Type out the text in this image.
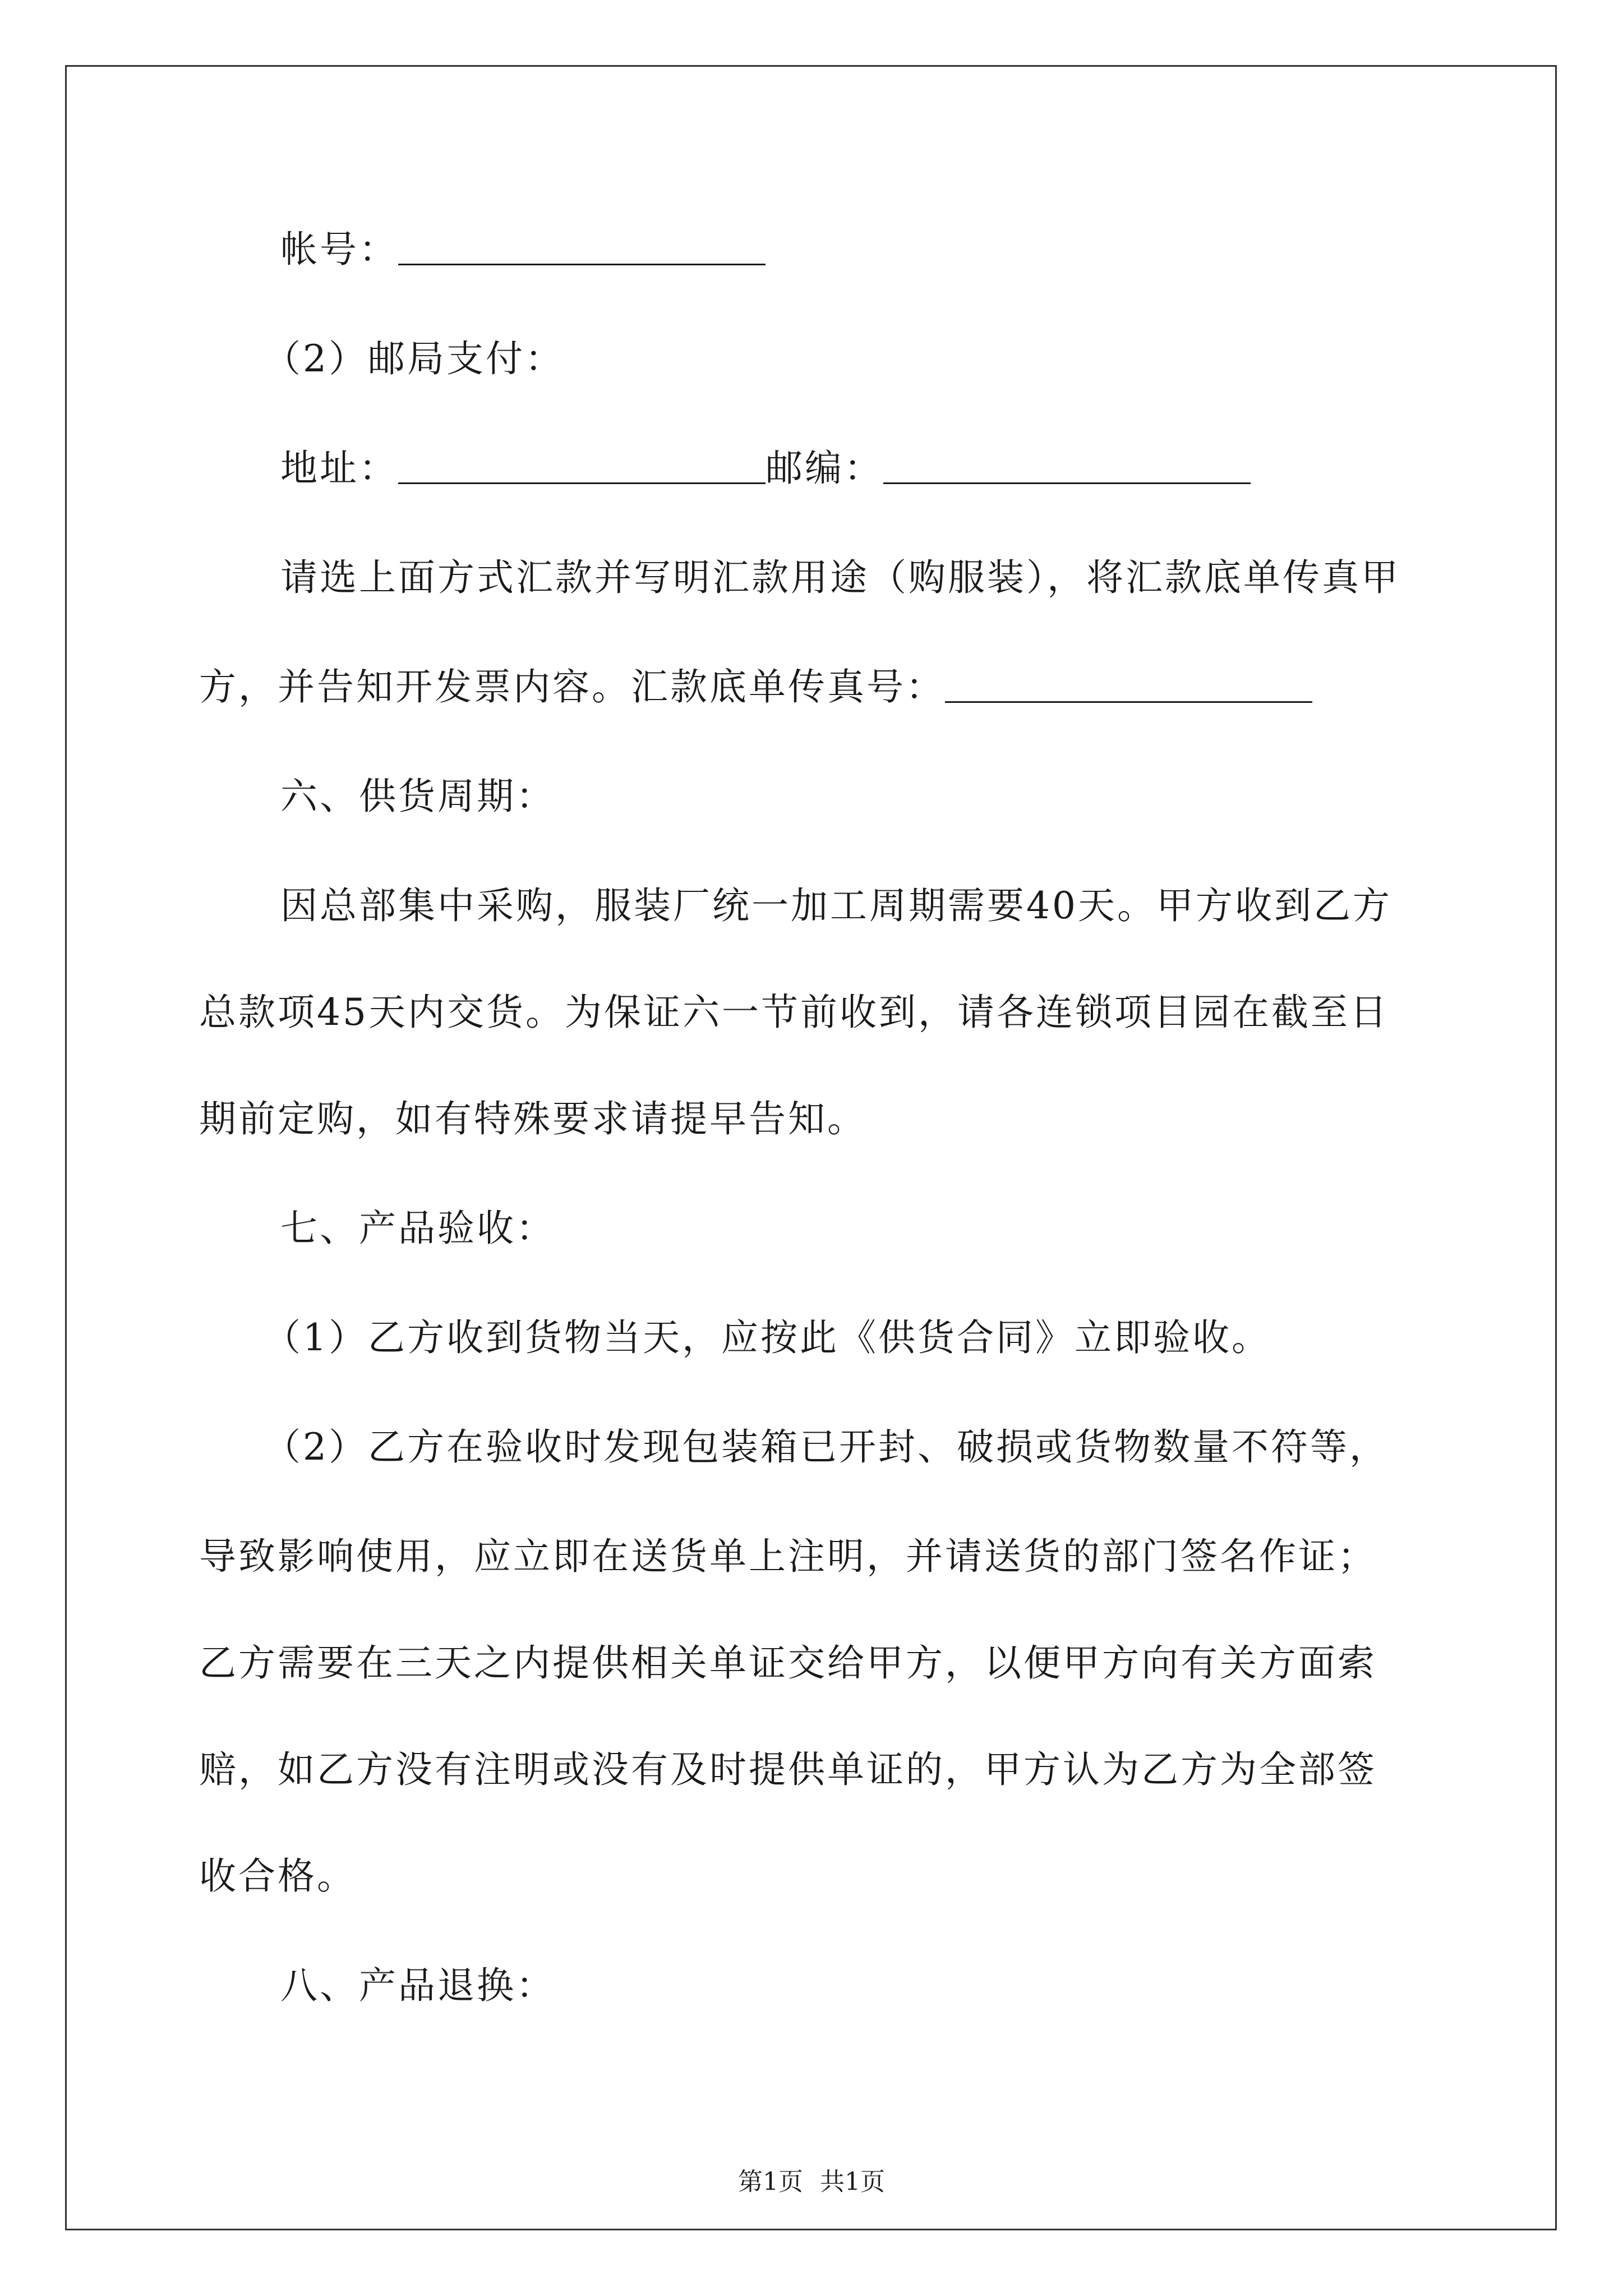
帐号：
（2）邮局支付：
地址：	邮编：
请选上面方式汇款并写明汇款用途（购服装），将汇款底单传真甲
方，并告知开发票内容。汇款底单传真号：
六、供货周期：
因总部集中采购，服装厂统一加工周期需要40天。甲方收到乙方
总款项45天内交货。为保证六一节前收到，请各连锁项目园在截至日
期前定购，如有特殊要求请提早告知。
七、产品验收：
（1）乙方收到货物当天，应按此《供货合同》立即验收。
（2）乙方在验收时发现包装箱已开封、破损或货物数量不符等，
导致影响使用，应立即在送货单上注明，并请送货的部门签名作证；
乙方需要在三天之内提供相关单证交给甲方，以便甲方向有关方面索
赔，如乙方没有注明或没有及时提供单证的，甲方认为乙方为全部签
收合格。
八、产品退换：
第1页 共1页
